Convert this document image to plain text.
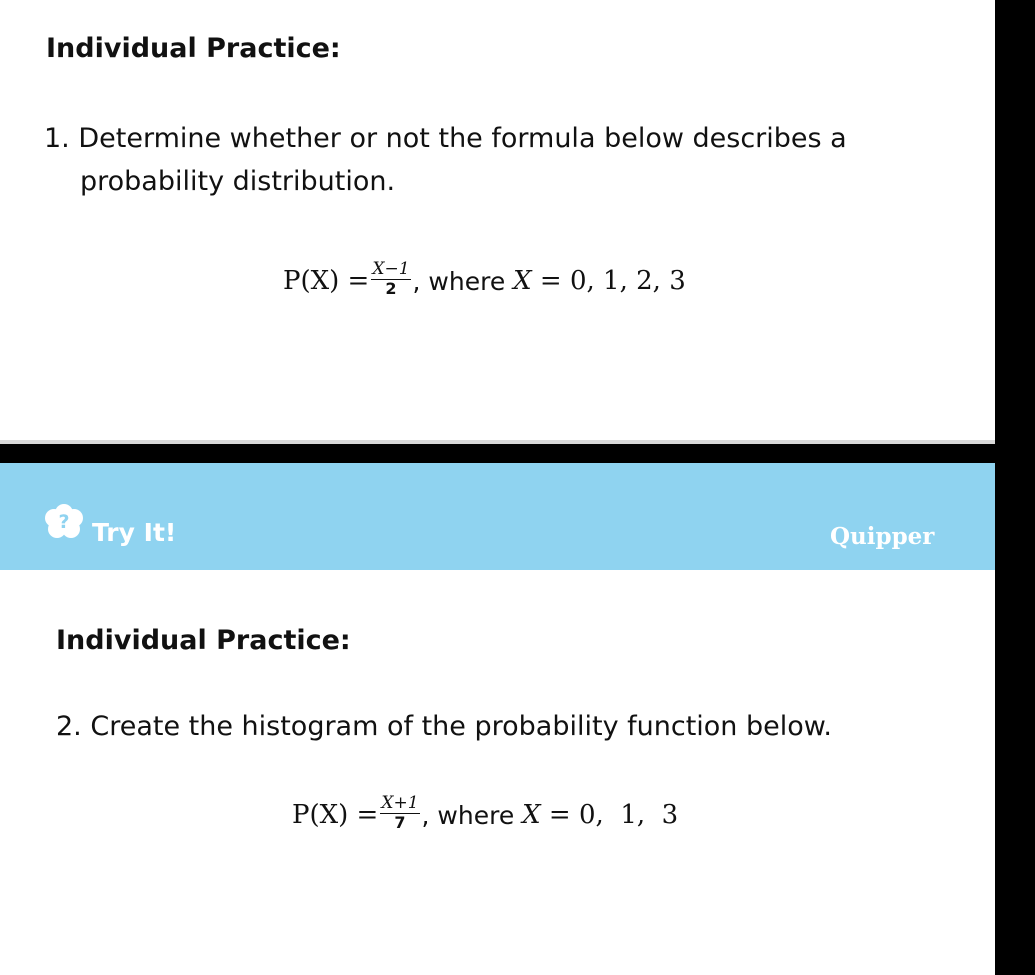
Individual Practice:

1. Determine whether or not the formula below describes a

probability distribution.

$P(X) = \frac{X-1}{2}$ , where X = 0, 1, 2, 3
? Try It!	Quipper
Individual Practice:

2. Create the histogram of the probability function below.

$P(X) = \frac{X+1}{7}$ , where X = 0,  1,  3
